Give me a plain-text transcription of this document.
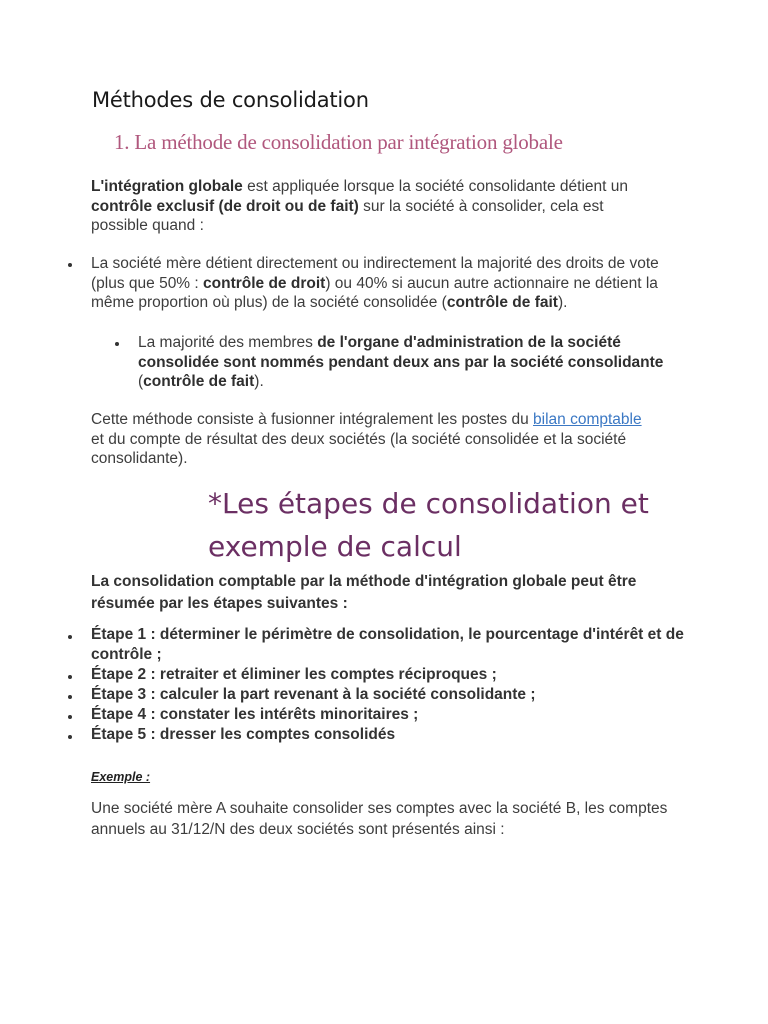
Méthodes de consolidation
1. La méthode de consolidation par intégration globale
L'intégration globale est appliquée lorsque la société consolidante détient un contrôle exclusif (de droit ou de fait) sur la société à consolider, cela est possible quand :
La société mère détient directement ou indirectement la majorité des droits de vote (plus que 50% : contrôle de droit) ou 40% si aucun autre actionnaire ne détient la même proportion où plus) de la société consolidée (contrôle de fait).
La majorité des membres de l'organe d'administration de la société consolidée sont nommés pendant deux ans par la société consolidante (contrôle de fait).
Cette méthode consiste à fusionner intégralement les postes du bilan comptable et du compte de résultat des deux sociétés (la société consolidée et la société consolidante).
*Les étapes de consolidation et exemple de calcul
La consolidation comptable par la méthode d'intégration globale peut être résumée par les étapes suivantes :
Étape 1 : déterminer le périmètre de consolidation, le pourcentage d'intérêt et de contrôle ;
Étape 2 : retraiter et éliminer les comptes réciproques ;
Étape 3 : calculer la part revenant à la société consolidante ;
Étape 4 : constater les intérêts minoritaires ;
Étape 5 : dresser les comptes consolidés
Exemple :
Une société mère A souhaite consolider ses comptes avec la société B, les comptes annuels au 31/12/N des deux sociétés sont présentés ainsi :
